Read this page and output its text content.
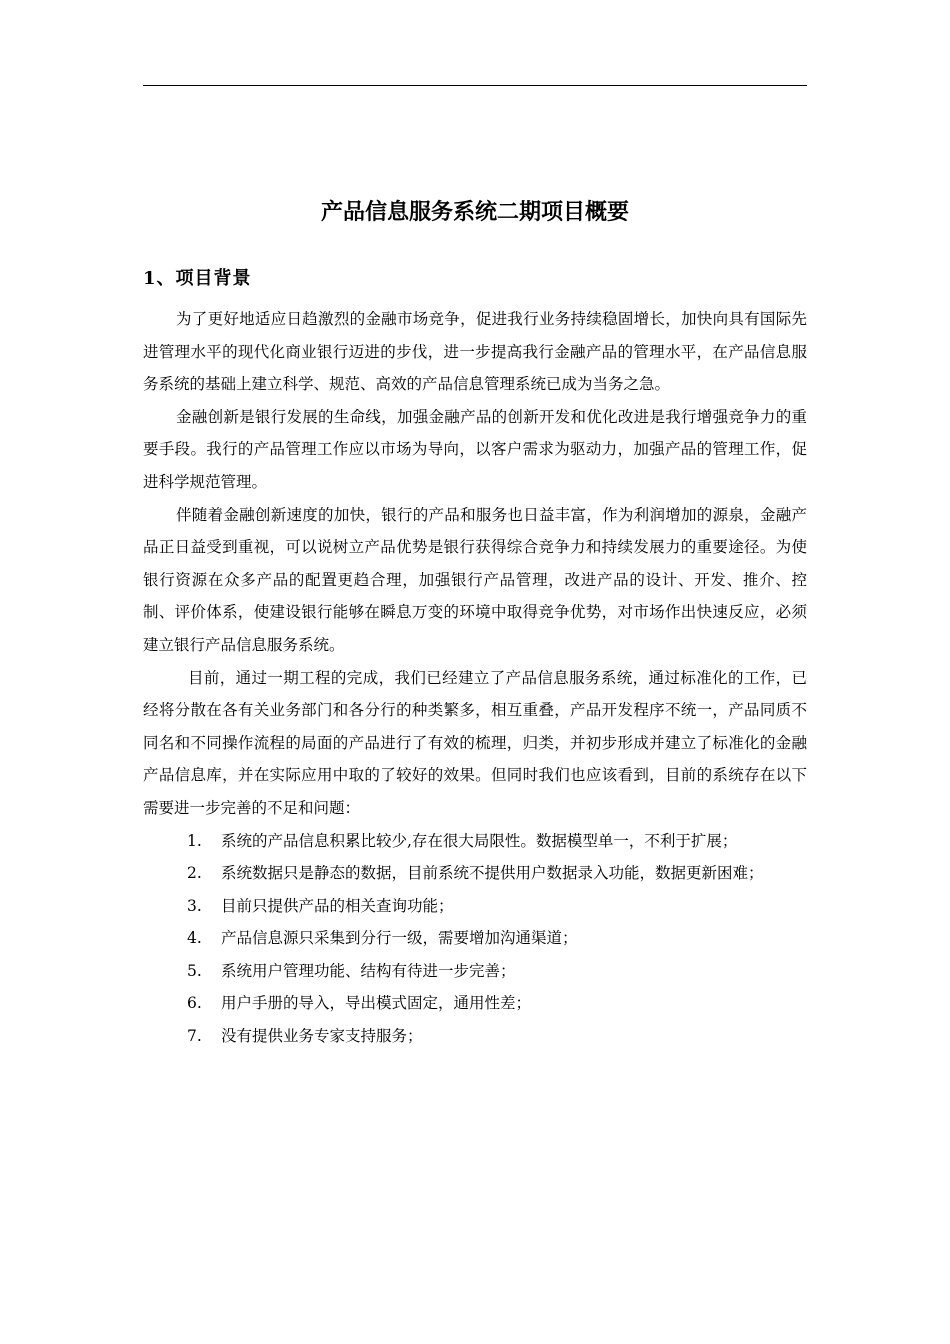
产品信息服务系统二期项目概要
1、项目背景

为了更好地适应日趋激烈的金融市场竞争，促进我行业务持续稳固增长，加快向具有国际先进管理水平的现代化商业银行迈进的步伐，进一步提高我行金融产品的管理水平，在产品信息服务系统的基础上建立科学、规范、高效的产品信息管理系统已成为当务之急。

金融创新是银行发展的生命线，加强金融产品的创新开发和优化改进是我行增强竞争力的重要手段。我行的产品管理工作应以市场为导向，以客户需求为驱动力，加强产品的管理工作，促进科学规范管理。

伴随着金融创新速度的加快，银行的产品和服务也日益丰富，作为利润增加的源泉，金融产品正日益受到重视，可以说树立产品优势是银行获得综合竞争力和持续发展力的重要途径。为使银行资源在众多产品的配置更趋合理，加强银行产品管理，改进产品的设计、开发、推介、控制、评价体系，使建设银行能够在瞬息万变的环境中取得竞争优势，对市场作出快速反应，必须建立银行产品信息服务系统。

目前，通过一期工程的完成，我们已经建立了产品信息服务系统，通过标准化的工作，已经将分散在各有关业务部门和各分行的种类繁多，相互重叠，产品开发程序不统一，产品同质不同名和不同操作流程的局面的产品进行了有效的梳理，归类，并初步形成并建立了标准化的金融产品信息库，并在实际应用中取的了较好的效果。但同时我们也应该看到，目前的系统存在以下需要进一步完善的不足和问题：

1. 系统的产品信息积累比较少,存在很大局限性。数据模型单一，不利于扩展；
2. 系统数据只是静态的数据，目前系统不提供用户数据录入功能，数据更新困难；
3. 目前只提供产品的相关查询功能；
4. 产品信息源只采集到分行一级，需要增加沟通渠道；
5. 系统用户管理功能、结构有待进一步完善；
6. 用户手册的导入，导出模式固定，通用性差；
7. 没有提供业务专家支持服务；
